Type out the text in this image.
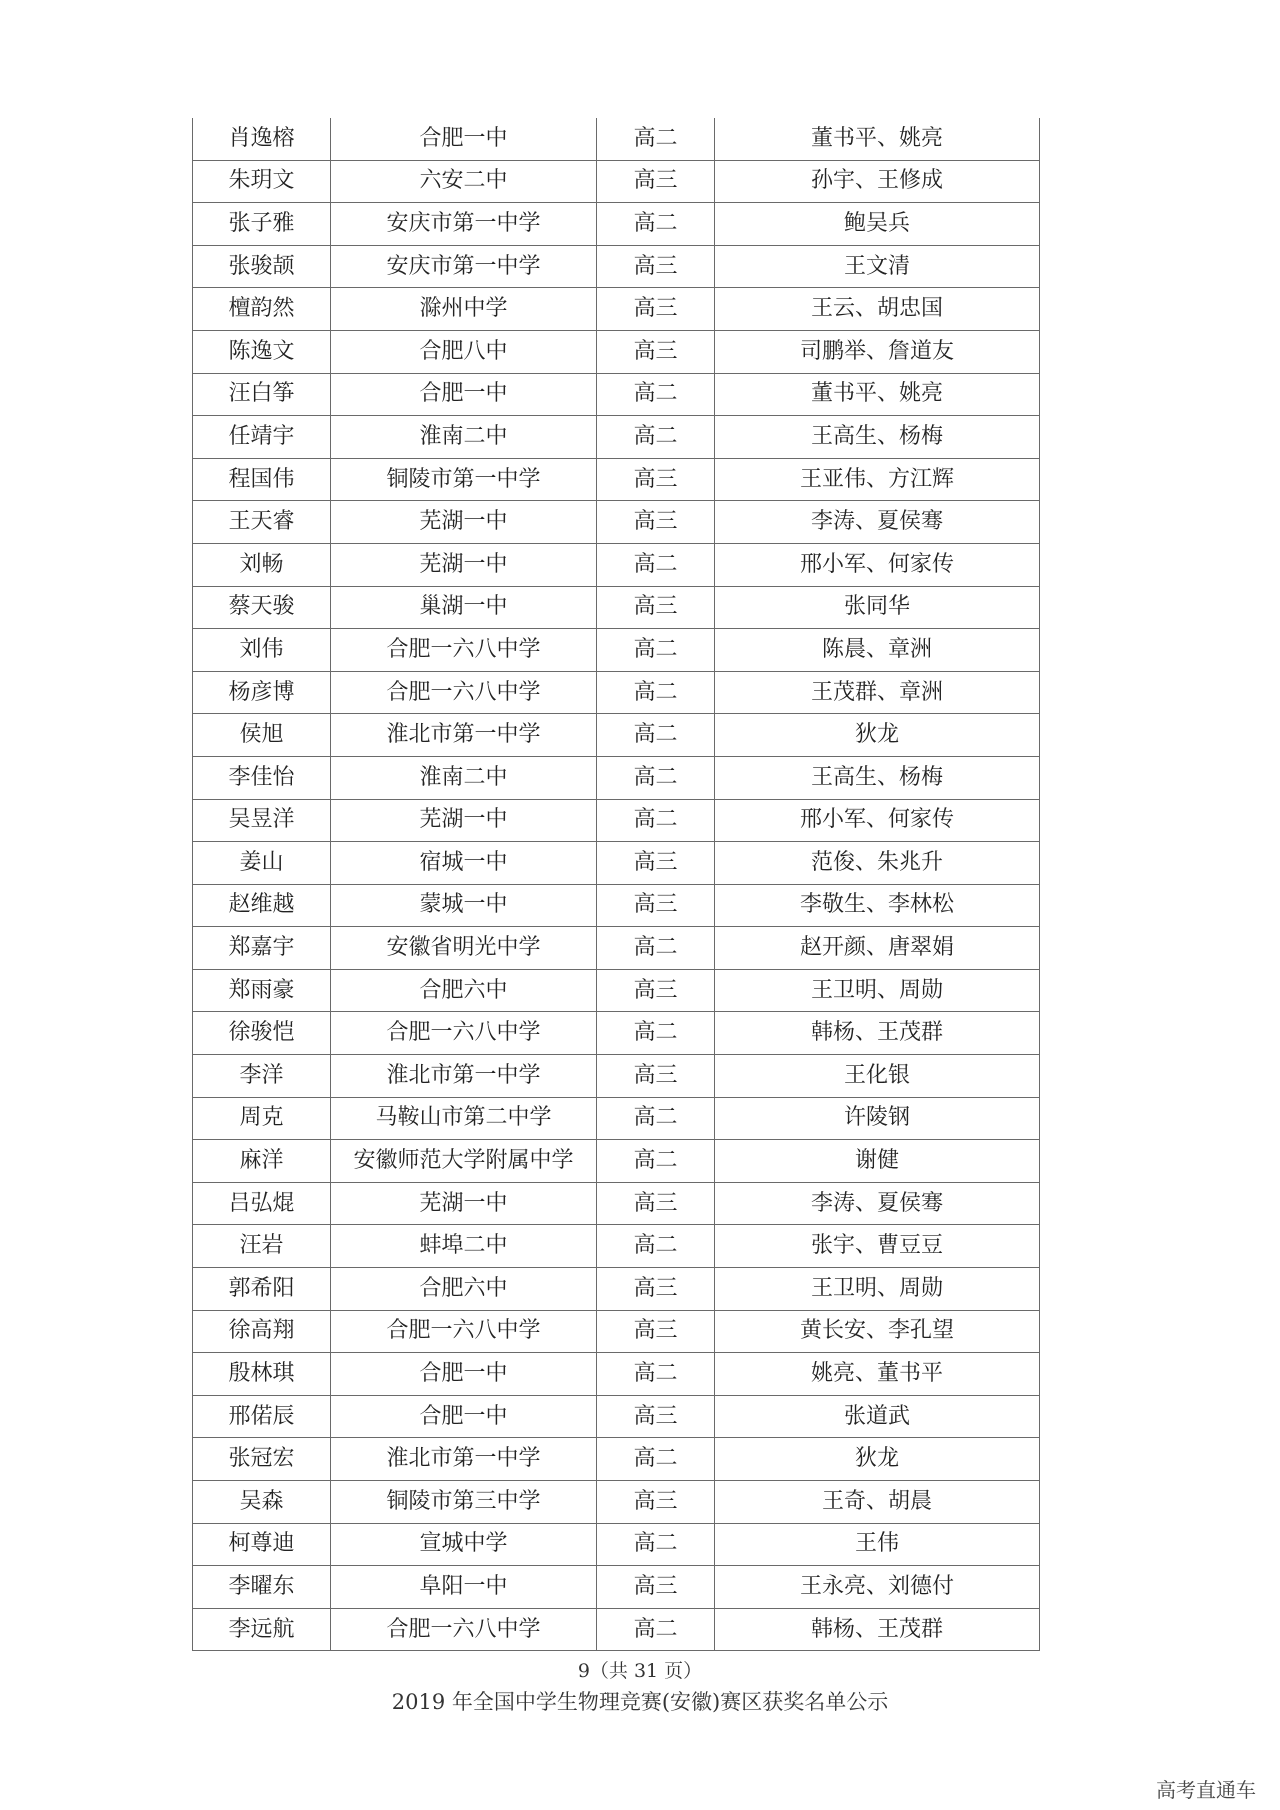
肖逸榕	合肥一中	高二	董书平、姚亮
朱玥文	六安二中	高三	孙宇、王修成
张子雅	安庆市第一中学	高二	鲍吴兵
张骏颉	安庆市第一中学	高三	王文清
檀韵然	滁州中学	高三	王云、胡忠国
陈逸文	合肥八中	高三	司鹏举、詹道友
汪白筝	合肥一中	高二	董书平、姚亮
任靖宇	淮南二中	高二	王高生、杨梅
程国伟	铜陵市第一中学	高三	王亚伟、方江辉
王天睿	芜湖一中	高三	李涛、夏侯骞
刘畅	芜湖一中	高二	邢小军、何家传
蔡天骏	巢湖一中	高三	张同华
刘伟	合肥一六八中学	高二	陈晨、章洲
杨彦博	合肥一六八中学	高二	王茂群、章洲
侯旭	淮北市第一中学	高二	狄龙
李佳怡	淮南二中	高二	王高生、杨梅
吴昱洋	芜湖一中	高二	邢小军、何家传
姜山	宿城一中	高三	范俊、朱兆升
赵维越	蒙城一中	高三	李敬生、李林松
郑嘉宇	安徽省明光中学	高二	赵开颜、唐翠娟
郑雨豪	合肥六中	高三	王卫明、周勋
徐骏恺	合肥一六八中学	高二	韩杨、王茂群
李洋	淮北市第一中学	高三	王化银
周克	马鞍山市第二中学	高二	许陵钢
麻洋	安徽师范大学附属中学	高二	谢健
吕弘焜	芜湖一中	高三	李涛、夏侯骞
汪岩	蚌埠二中	高二	张宇、曹豆豆
郭希阳	合肥六中	高三	王卫明、周勋
徐高翔	合肥一六八中学	高三	黄长安、李孔望
殷林琪	合肥一中	高二	姚亮、董书平
邢偌辰	合肥一中	高三	张道武
张冠宏	淮北市第一中学	高二	狄龙
吴森	铜陵市第三中学	高三	王奇、胡晨
柯尊迪	宣城中学	高二	王伟
李曜东	阜阳一中	高三	王永亮、刘德付
李远航	合肥一六八中学	高二	韩杨、王茂群
9（共 31 页）
2019 年全国中学生物理竞赛(安徽)赛区获奖名单公示
高考直通车
